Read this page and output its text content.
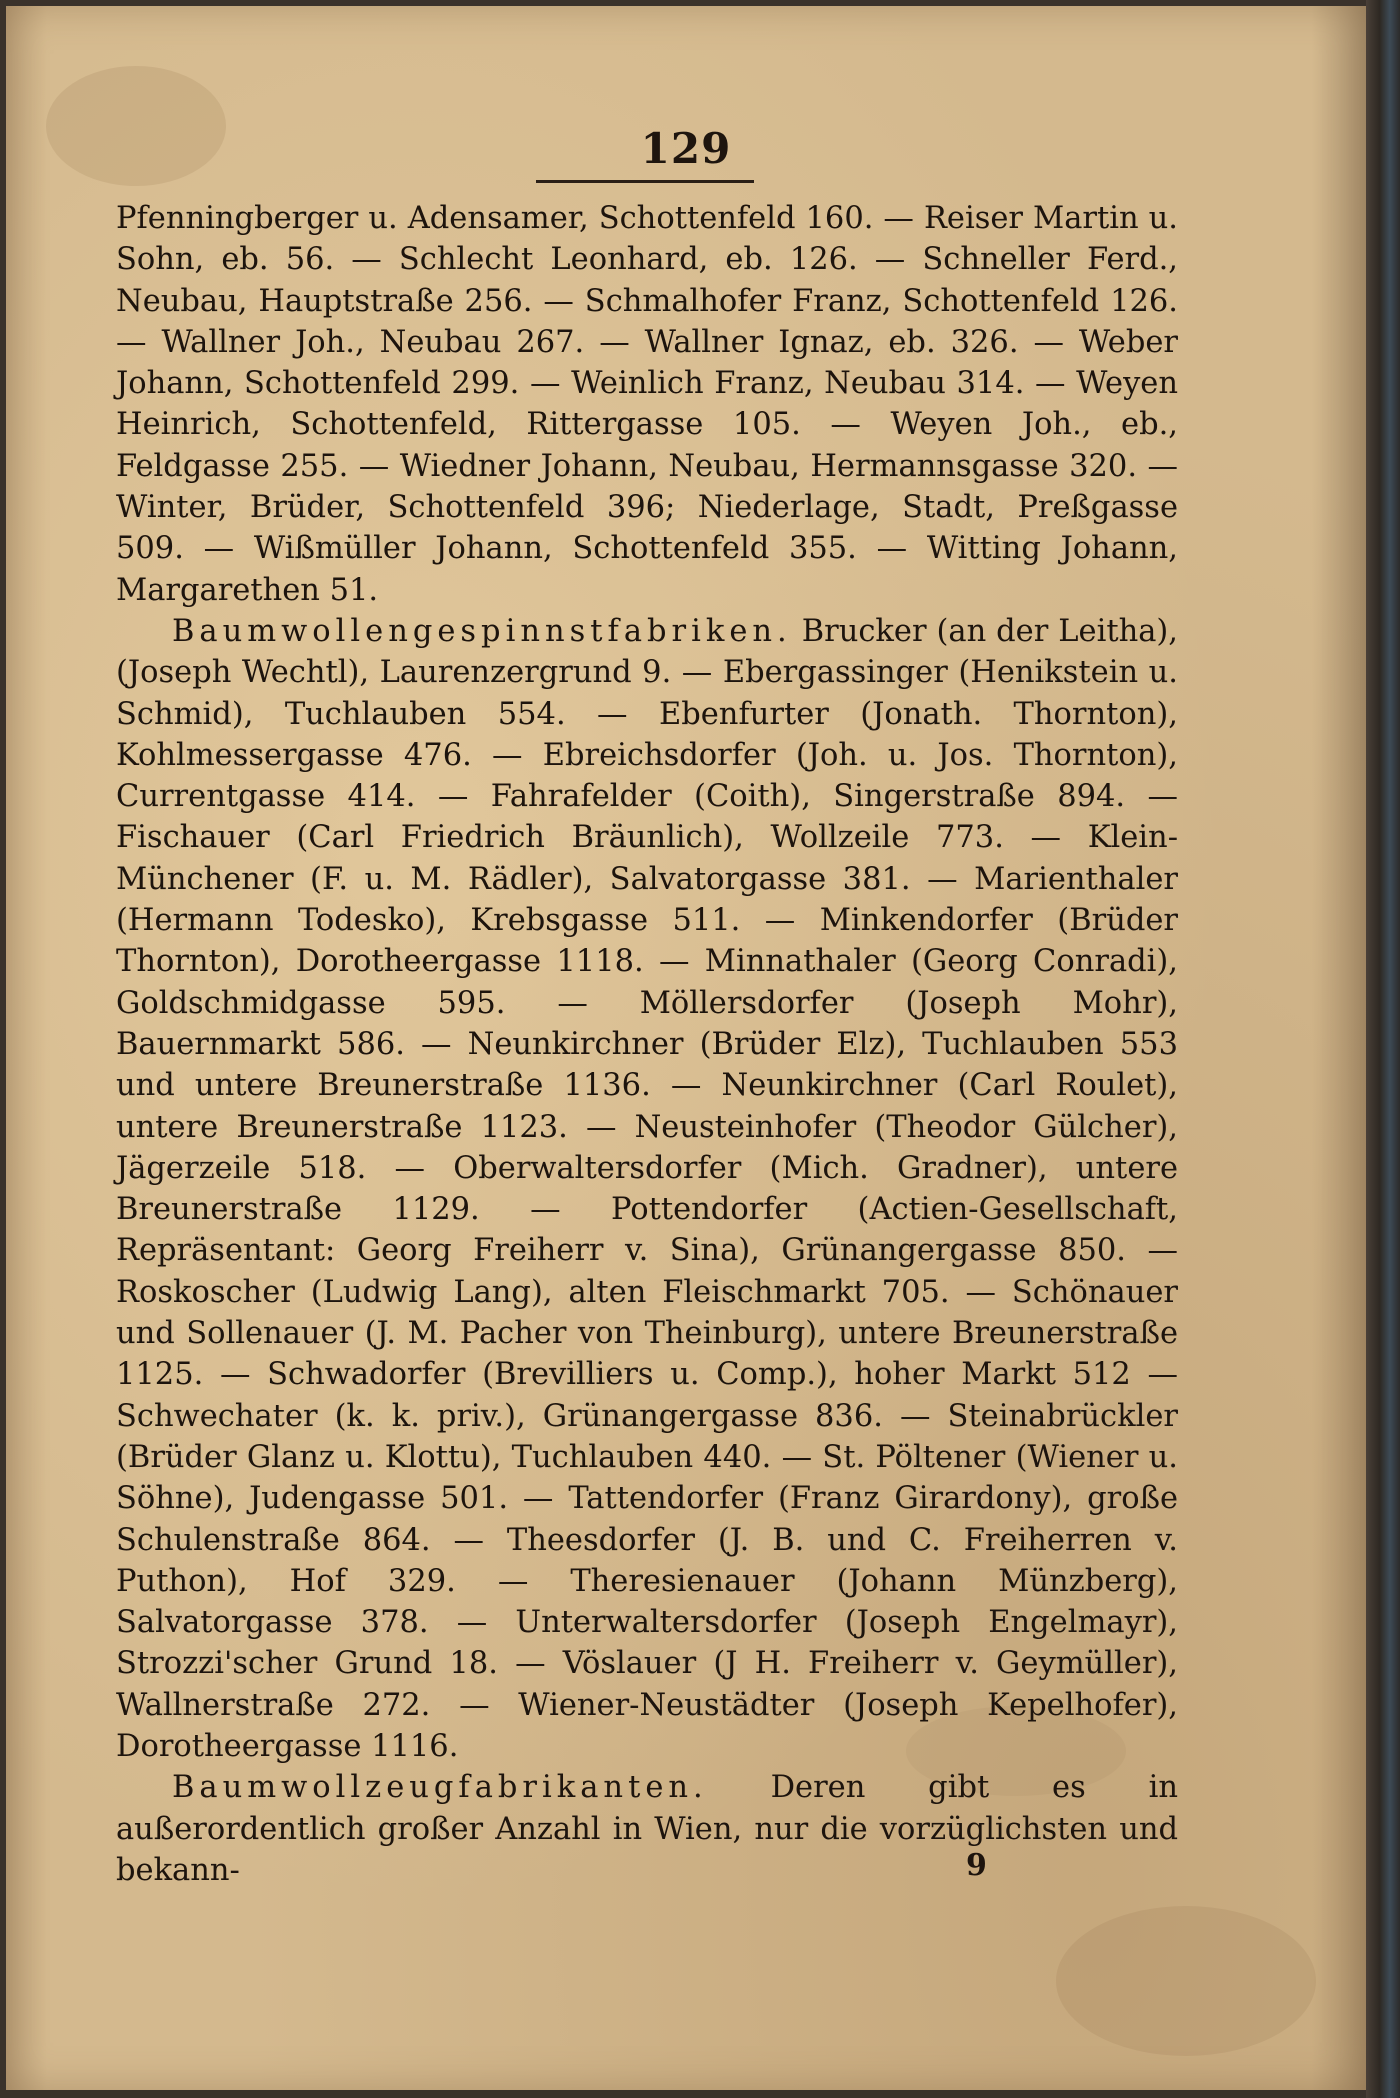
129

Pfenningberger u. Adensamer, Schottenfeld 160. — Reiser Martin u. Sohn, eb. 56. — Schlecht Leonhard, eb. 126. — Schneller Ferd., Neubau, Hauptstraße 256. — Schmalhofer Franz, Schottenfeld 126. — Wallner Joh., Neubau 267. — Wallner Ignaz, eb. 326. — Weber Johann, Schottenfeld 299. — Weinlich Franz, Neubau 314. — Weyen Heinrich, Schottenfeld, Rittergasse 105. — Weyen Joh., eb., Feldgasse 255. — Wiedner Johann, Neubau, Hermannsgasse 320. — Winter, Brüder, Schottenfeld 396; Niederlage, Stadt, Preßgasse 509. — Wißmüller Johann, Schottenfeld 355. — Witting Johann, Margarethen 51.

Baumwollengespinnstfabriken. Brucker (an der Leitha), (Joseph Wechtl), Laurenzergrund 9. — Ebergassinger (Henikstein u. Schmid), Tuchlauben 554. — Ebenfurter (Jonath. Thornton), Kohlmessergasse 476. — Ebreichsdorfer (Joh. u. Jos. Thornton), Currentgasse 414. — Fahrafelder (Coith), Singerstraße 894. — Fischauer (Carl Friedrich Bräunlich), Wollzeile 773. — Klein-Münchener (F. u. M. Rädler), Salvatorgasse 381. — Marienthaler (Hermann Todesko), Krebsgasse 511. — Minkendorfer (Brüder Thornton), Dorotheergasse 1118. — Minnathaler (Georg Conradi), Goldschmidgasse 595. — Möllersdorfer (Joseph Mohr), Bauernmarkt 586. — Neunkirchner (Brüder Elz), Tuchlauben 553 und untere Breunerstraße 1136. — Neunkirchner (Carl Roulet), untere Breunerstraße 1123. — Neusteinhofer (Theodor Gülcher), Jägerzeile 518. — Oberwaltersdorfer (Mich. Gradner), untere Breunerstraße 1129. — Pottendorfer (Actien-Gesellschaft, Repräsentant: Georg Freiherr v. Sina), Grünangergasse 850. — Roskoscher (Ludwig Lang), alten Fleischmarkt 705. — Schönauer und Sollenauer (J. M. Pacher von Theinburg), untere Breunerstraße 1125. — Schwadorfer (Brevilliers u. Comp.), hoher Markt 512 — Schwechater (k. k. priv.), Grünangergasse 836. — Steinabrückler (Brüder Glanz u. Klottu), Tuchlauben 440. — St. Pöltener (Wiener u. Söhne), Judengasse 501. — Tattendorfer (Franz Girardony), große Schulenstraße 864. — Theesdorfer (J. B. und C. Freiherren v. Puthon), Hof 329. — Theresienauer (Johann Münzberg), Salvatorgasse 378. — Unterwaltersdorfer (Joseph Engelmayr), Strozzi'scher Grund 18. — Vöslauer (J H. Freiherr v. Geymüller), Wallnerstraße 272. — Wiener-Neustädter (Joseph Kepelhofer), Dorotheergasse 1116.

Baumwollzeugfabrikanten. Deren gibt es in außerordentlich großer Anzahl in Wien, nur die vorzüglichsten und bekann-	9
